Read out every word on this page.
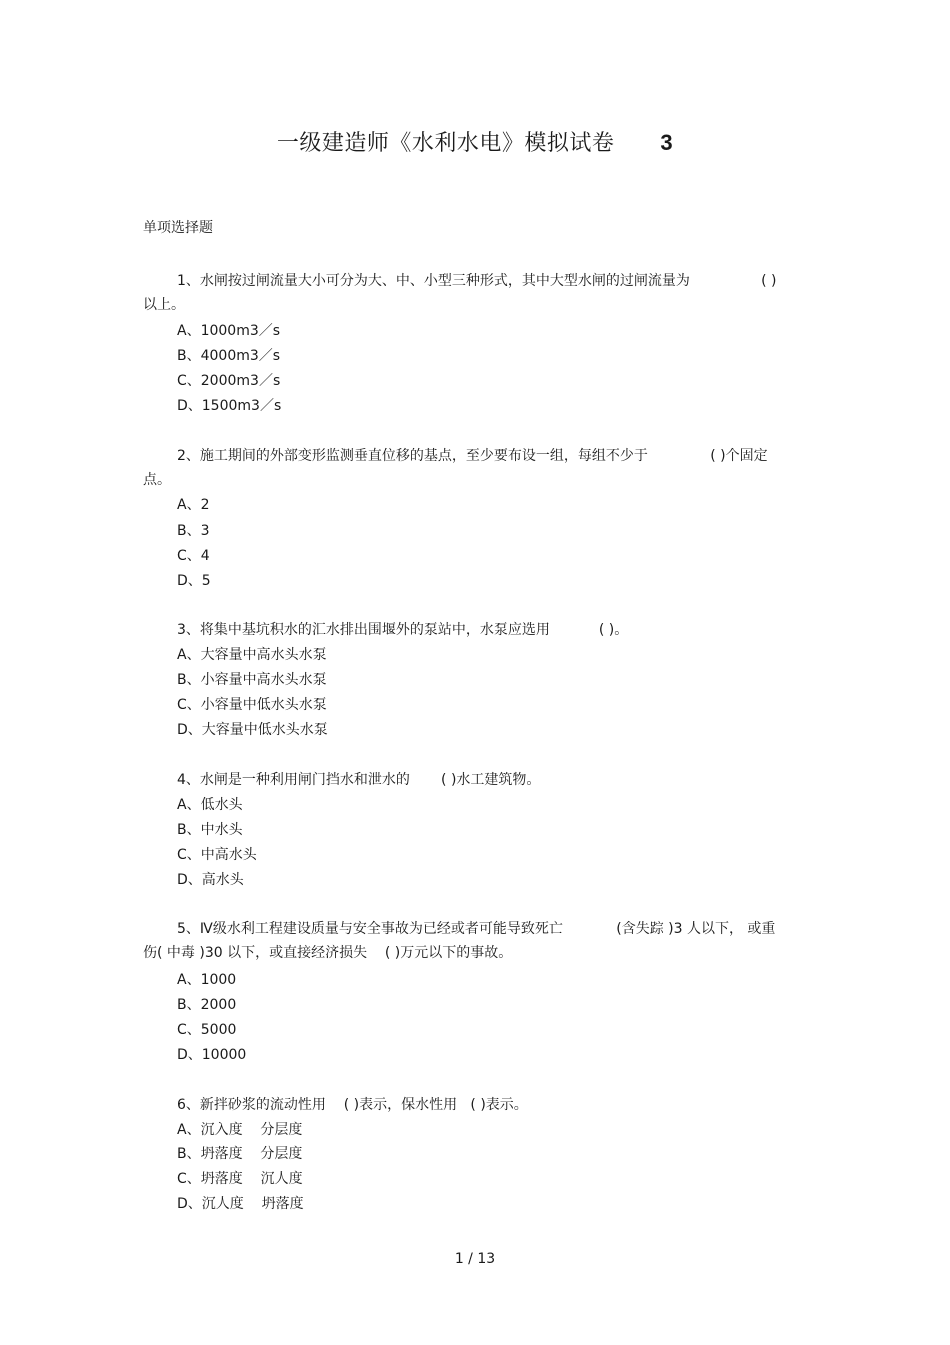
一级建造师《水利水电》模拟试卷 3
单项选择题
1、水闸按过闸流量大小可分为大、中、小型三种形式，其中大型水闸的过闸流量为                ( )
以上。
A、1000m3／s
B、4000m3／s
C、2000m3／s
D、1500m3／s
2、施工期间的外部变形监测垂直位移的基点，至少要布设一组，每组不少于              ( )个固定
点。
A、2
B、3
C、4
D、5
3、将集中基坑积水的汇水排出围堰外的泵站中，水泵应选用           ( )。
A、大容量中高水头水泵
B、小容量中高水头水泵
C、小容量中低水头水泵
D、大容量中低水头水泵
4、水闸是一种利用闸门挡水和泄水的       ( )水工建筑物。
A、低水头
B、中水头
C、中高水头
D、高水头
5、Ⅳ级水利工程建设质量与安全事故为已经或者可能导致死亡            (含失踪 )3 人以下， 或重
伤( 中毒 )30 以下，或直接经济损失    ( )万元以下的事故。
A、1000
B、2000
C、5000
D、10000
6、新拌砂浆的流动性用    ( )表示，保水性用   ( )表示。
A、沉入度    分层度
B、坍落度    分层度
C、坍落度    沉人度
D、沉人度    坍落度
1 / 13
